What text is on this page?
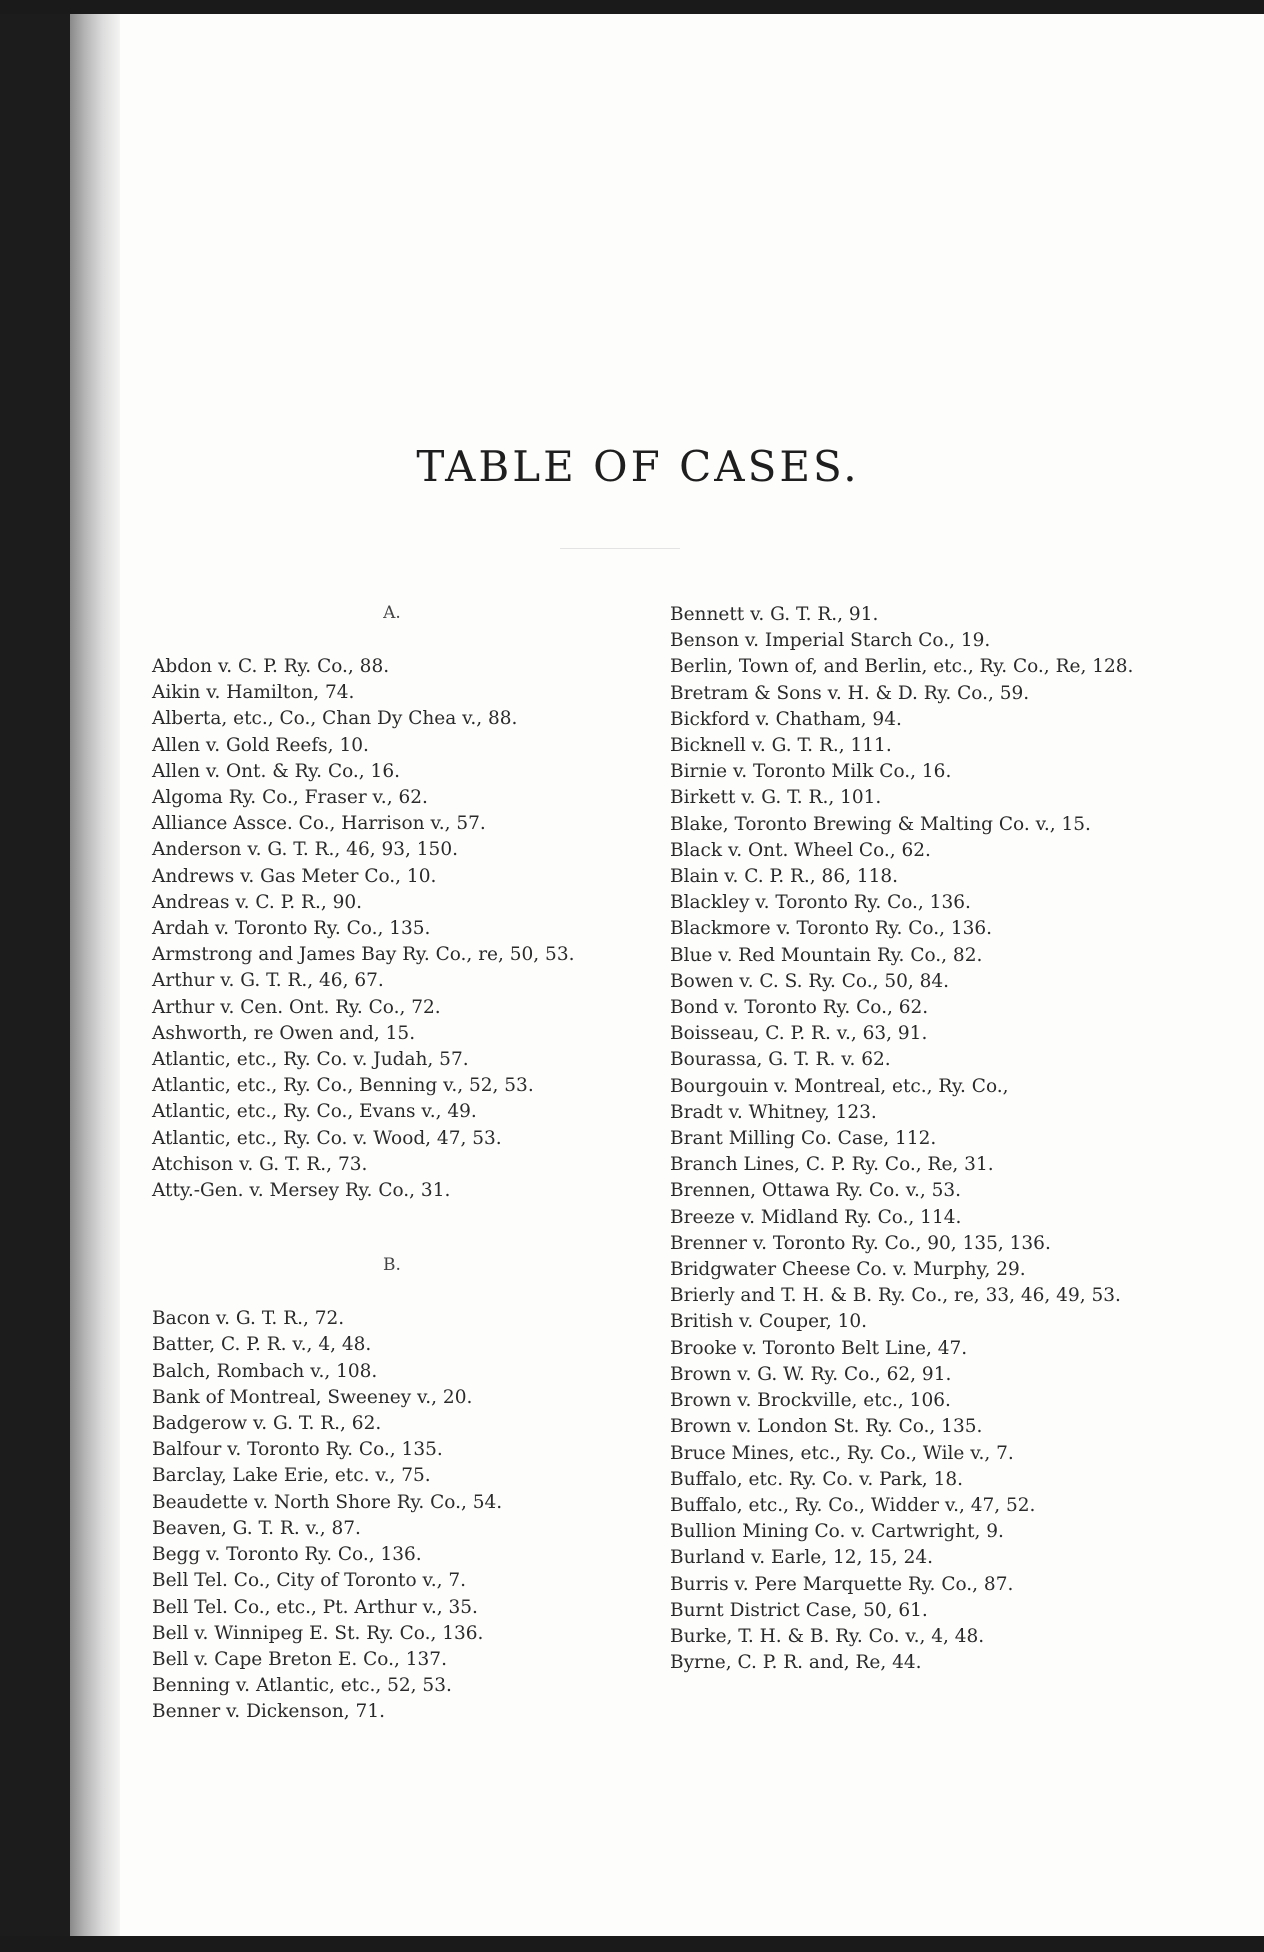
TABLE OF CASES.
A.

Abdon v. C. P. Ry. Co., 88.

Aikin v. Hamilton, 74.

Alberta, etc., Co., Chan Dy Chea v., 88.

Allen v. Gold Reefs, 10.

Allen v. Ont. & Ry. Co., 16.

Algoma Ry. Co., Fraser v., 62.

Alliance Assce. Co., Harrison v., 57.

Anderson v. G. T. R., 46, 93, 150.

Andrews v. Gas Meter Co., 10.

Andreas v. C. P. R., 90.

Ardah v. Toronto Ry. Co., 135.

Armstrong and James Bay Ry. Co., re, 50, 53.

Arthur v. G. T. R., 46, 67.

Arthur v. Cen. Ont. Ry. Co., 72.

Ashworth, re Owen and, 15.

Atlantic, etc., Ry. Co. v. Judah, 57.

Atlantic, etc., Ry. Co., Benning v., 52, 53.

Atlantic, etc., Ry. Co., Evans v., 49.

Atlantic, etc., Ry. Co. v. Wood, 47, 53.

Atchison v. G. T. R., 73.

Atty.-Gen. v. Mersey Ry. Co., 31.

B.

Bacon v. G. T. R., 72.

Batter, C. P. R. v., 4, 48.

Balch, Rombach v., 108.

Bank of Montreal, Sweeney v., 20.

Badgerow v. G. T. R., 62.

Balfour v. Toronto Ry. Co., 135.

Barclay, Lake Erie, etc. v., 75.

Beaudette v. North Shore Ry. Co., 54.

Beaven, G. T. R. v., 87.

Begg v. Toronto Ry. Co., 136.

Bell Tel. Co., City of Toronto v., 7.

Bell Tel. Co., etc., Pt. Arthur v., 35.

Bell v. Winnipeg E. St. Ry. Co., 136.

Bell v. Cape Breton E. Co., 137.

Benning v. Atlantic, etc., 52, 53.

Benner v. Dickenson, 71.

Bennett v. G. T. R., 91.

Benson v. Imperial Starch Co., 19.

Berlin, Town of, and Berlin, etc., Ry. Co., Re, 128.

Bretram & Sons v. H. & D. Ry. Co., 59.

Bickford v. Chatham, 94.

Bicknell v. G. T. R., 111.

Birnie v. Toronto Milk Co., 16.

Birkett v. G. T. R., 101.

Blake, Toronto Brewing & Malting Co. v., 15.

Black v. Ont. Wheel Co., 62.

Blain v. C. P. R., 86, 118.

Blackley v. Toronto Ry. Co., 136.

Blackmore v. Toronto Ry. Co., 136.

Blue v. Red Mountain Ry. Co., 82.

Bowen v. C. S. Ry. Co., 50, 84.

Bond v. Toronto Ry. Co., 62.

Boisseau, C. P. R. v., 63, 91.

Bourassa, G. T. R. v. 62.

Bourgouin v. Montreal, etc., Ry. Co.,

Bradt v. Whitney, 123.

Brant Milling Co. Case, 112.

Branch Lines, C. P. Ry. Co., Re, 31.

Brennen, Ottawa Ry. Co. v., 53.

Breeze v. Midland Ry. Co., 114.

Brenner v. Toronto Ry. Co., 90, 135, 136.

Bridgwater Cheese Co. v. Murphy, 29.

Brierly and T. H. & B. Ry. Co., re, 33, 46, 49, 53.

British v. Couper, 10.

Brooke v. Toronto Belt Line, 47.

Brown v. G. W. Ry. Co., 62, 91.

Brown v. Brockville, etc., 106.

Brown v. London St. Ry. Co., 135.

Bruce Mines, etc., Ry. Co., Wile v., 7.

Buffalo, etc. Ry. Co. v. Park, 18.

Buffalo, etc., Ry. Co., Widder v., 47, 52.

Bullion Mining Co. v. Cartwright, 9.

Burland v. Earle, 12, 15, 24.

Burris v. Pere Marquette Ry. Co., 87.

Burnt District Case, 50, 61.

Burke, T. H. & B. Ry. Co. v., 4, 48.

Byrne, C. P. R. and, Re, 44.
